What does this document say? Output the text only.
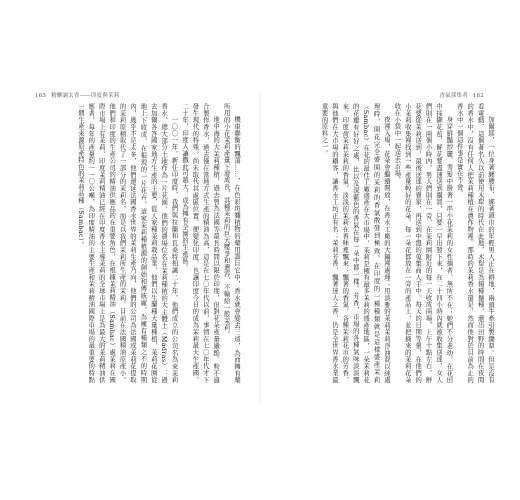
163 精釀調太香——印度與茉莉

機車聯衡的飄蕩……，在色彩斑斕植物的藥用籌巨它中，香水就會變去三遠，為而擁有藥所用的小花茉莉產量下滑成長，其種茉莉的巨大壓爭和遺容，不輸給一般茉莉。

地中海的大茉莉種植，過去曾為法國等最長時間以限於印度，但對花朵產量嚴酷。較不適合製作香水，過去僅在當地方式生產的精油為高，這是在七〇年代以前，事情在七〇年代才下發生現代的特殊，尚未取代其處區位置，便變化印度，也讓印度今日的成為茉莉最大生產國。二十年，印度人讓撒此可越大，成為擁有全園的生產區。

一〇〇一年，新任印度時，我們與拉蘭和瓦桑特相識二十年，他們成立的公司名為來茉莉香水，總大部分土地作為一片花園，他們的農場位名在茉莉種植的大主體土（Madras）：過去加爾各答國家地方生產的主要，從人家種茉莉栽品業，他們以生蘭種大量種植，茉莉花園從地上下收成，在根現的一片花卉，這家茉莉種植源的創始和傳統廠，為擁有種類之不的時期內，幾乎不是太多，他們還延法國香水世界的茉莉生產乃向，他們的公司為法國或茉莉花提取的茉莉原精取代了一部分的茉莉名，而是以我們茉莉所生產的茉莉，目前在法國精油原產小，他們和印度的生產公司的精油供應品的在重要角色，在根據茉莉精油（Sambac）處茉莉在國際市場上有茉莉，印度茉莉精油已經在印度香水主導茉莉的全球市場上是為最大的茉莉精油供應者，每年的產量約一一〇公噸，為印度精油的主要生產和茉莉精油國際市場的最重要的特點一個生產來源原產特色的茉莉品種（Sambac）。

香氣採集者 162

加爾耶，一位身著纏腰布、綁著頭巾的年輕男人正在耕地，兩頭牛牽引製鋤犁。但是沒有看電動，這個著名久以前使用木犁的時代在此地，木犁是為揚種擴種，還出田野的時間在夜間的香水中，沒有任何人把茉莉種植在農作物裡。那時的茉莉香水還是，然而他對於目前為止的香水中一個這件事是實在不會。

身穿鮮豔紗麗，秀髮中掛著一串小花茉莉的女性摘者，無所不在；她們不分老幼，在花田中採擷花苞，鮮花要盡速送到購買，只要一早出發下來，在二十四小時內就被收集送達，女人們則在一兩個小時內，男人們則在一旁，在茉莉園附近的每一天收成兩場，上午十點左右，鮮花要從茉莉送到，最後送達的賣家，再送到中盤的蒐集商人手中。每天的日期等量，在他們的小茉莉收集裡找到一些產量較好的花朵。每一朵花都放在一旁的產品上，並把摘來的茉莉花朵收在小袋中一起送去市場。

夜裡入場，花朵會繼續開放，在香水工廠的大鍋裡處理；用淡雅的茉莉茉莉淨油混以純處理時，開花完全盛開的茉莉的香氣散發到極致。在印度的一種種類就是這樣盛產茉莉（Sambac）在花的最佳工廠盛產在大市場中，茉莉是擁有最多茉莉的盛產地區，一朵茉莉花的花瓣有好好之處，比以及深藍色的香氣在每一朵中都一樣。芳香，市場的各種氣味淡淡飄來，印度荷茉莉茉莉的香氣，淡淡的茉莉在香味裡飄來；飄著的香氣，各種茉莉花市的芳香，與他們在大市場的顧客，讓香水工坊正有名；茉莉芳香，飄著迷人之香，仍是全世界香水業最重要的原料之一。
